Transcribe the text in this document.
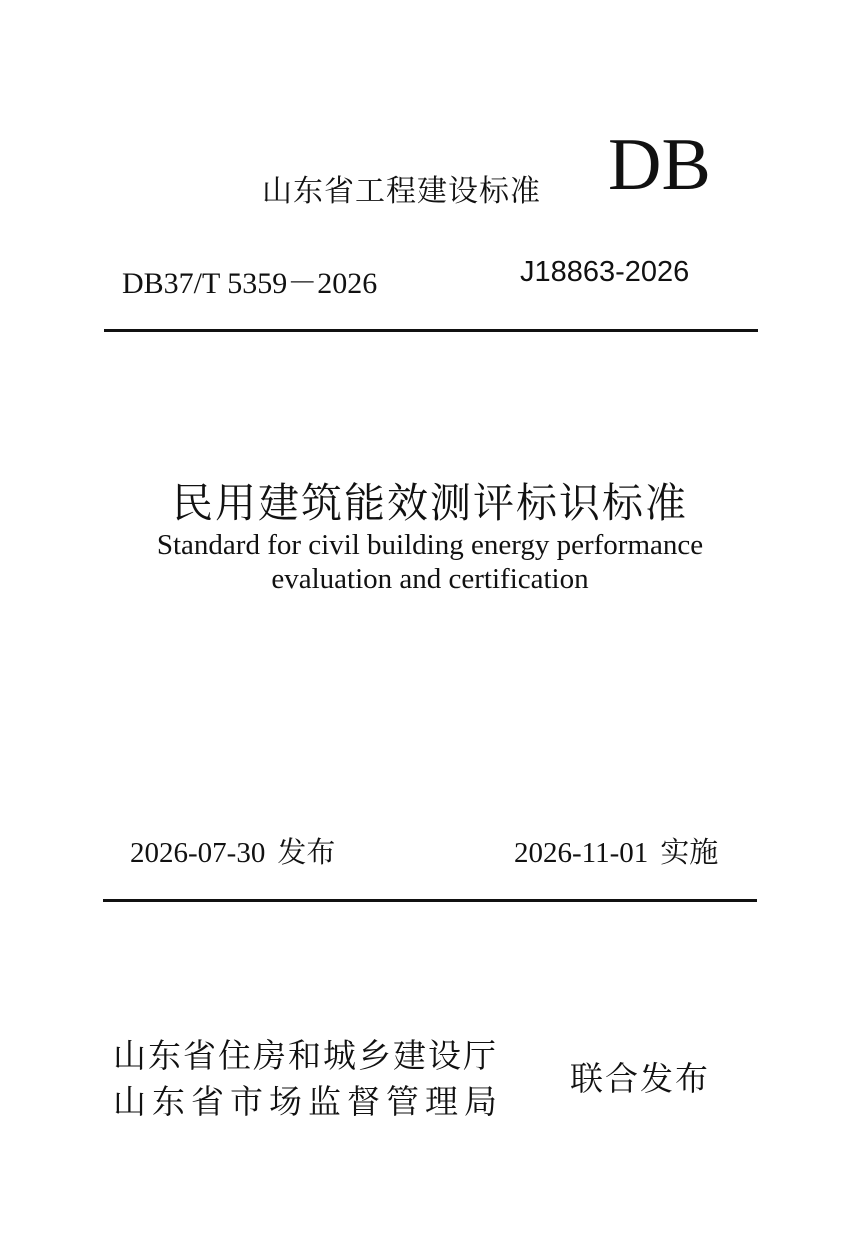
山东省工程建设标准 DB
DB37/T 5359－2026	J18863-2026
民用建筑能效测评标识标准
Standard for civil building energy performance
evaluation and certification
2026-07-30 发布	2026-11-01 实施
山东省住房和城乡建设厅
山东省市场监督管理局
联合发布
